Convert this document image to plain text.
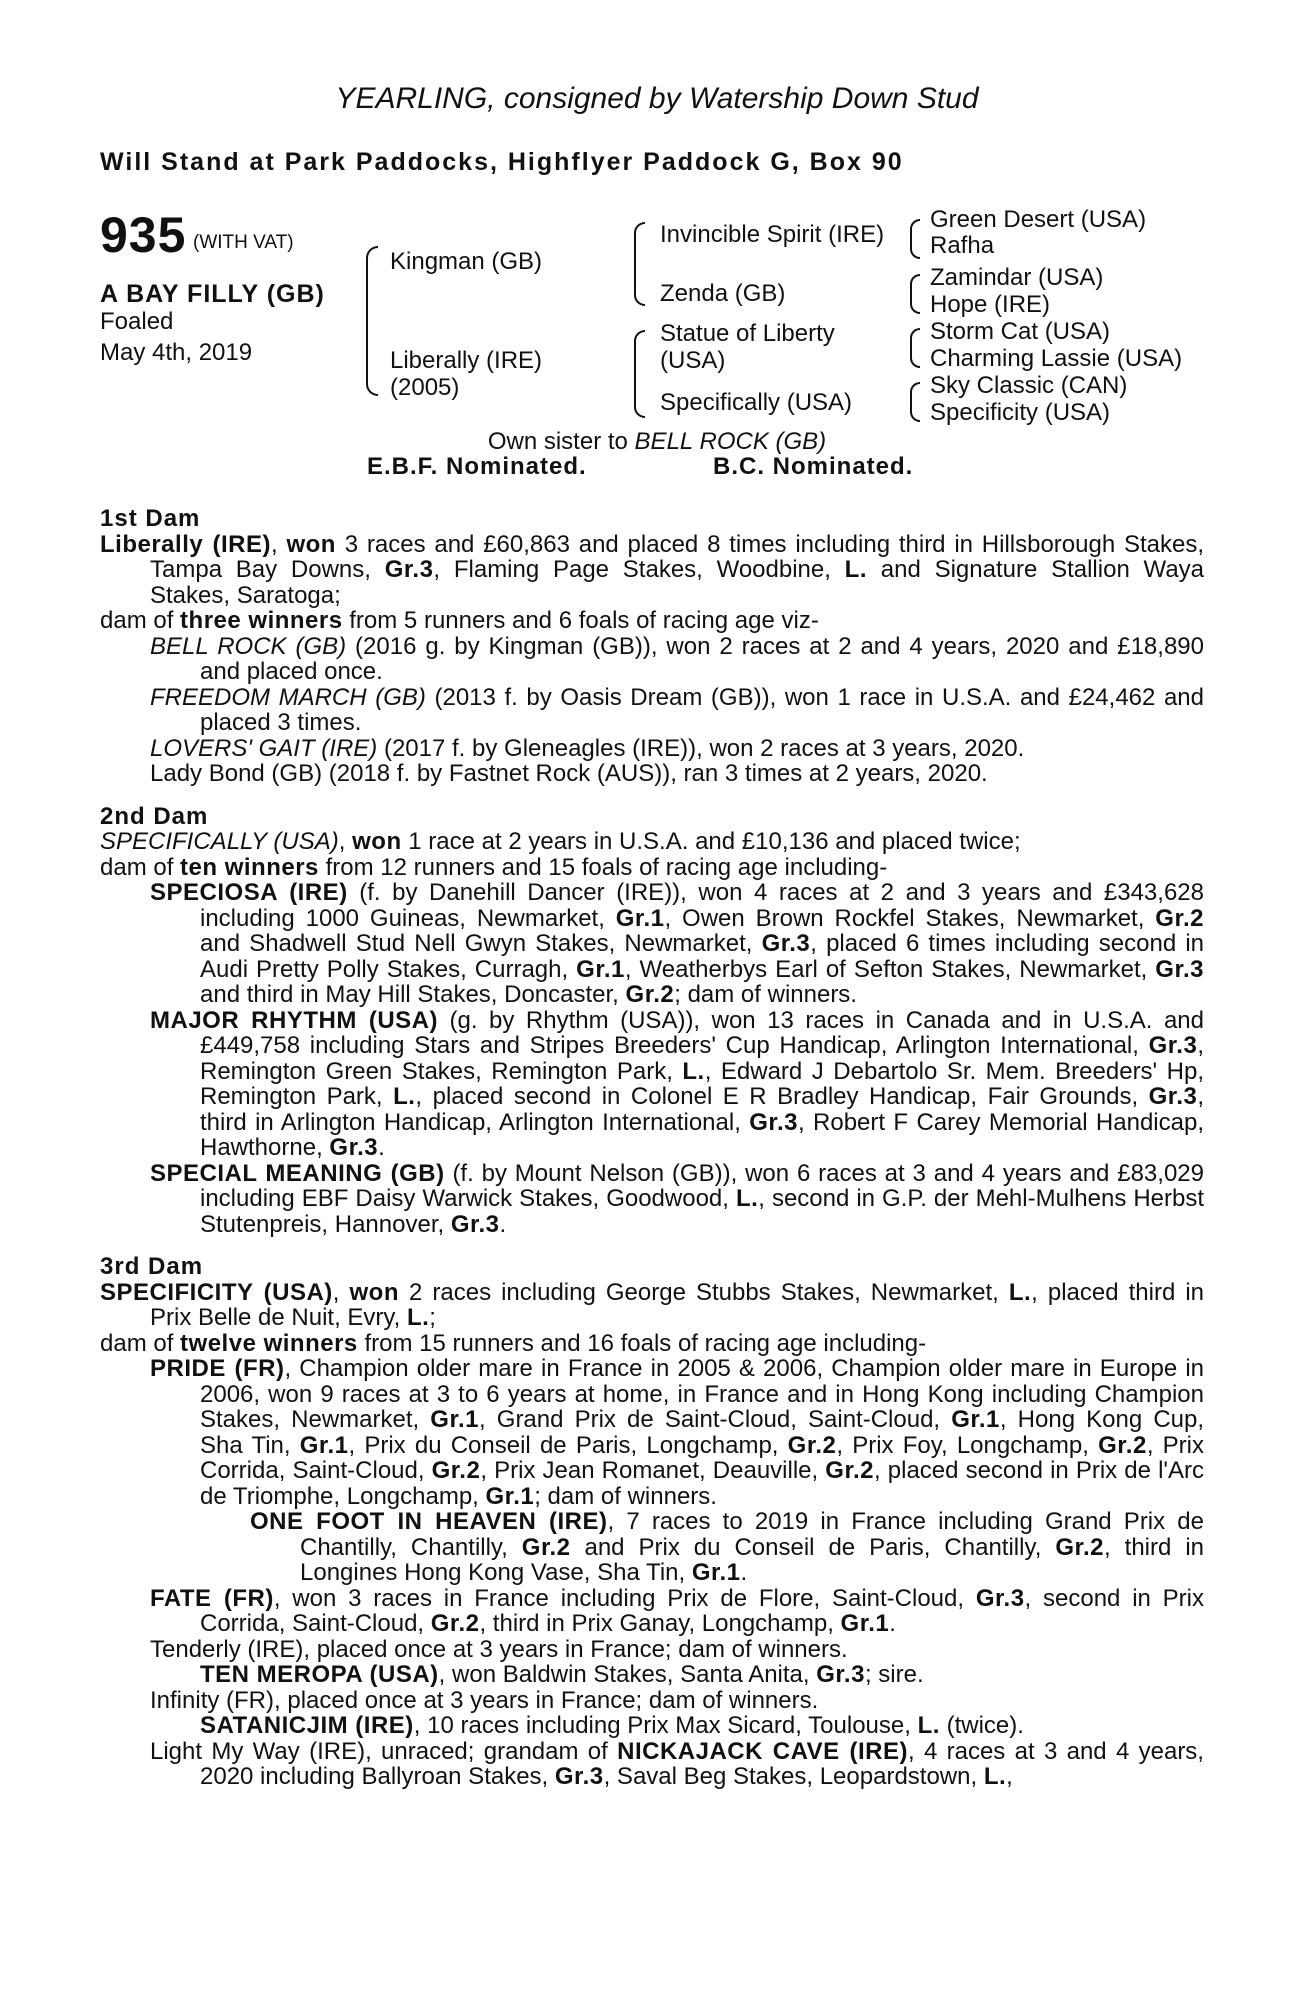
YEARLING, consigned by Watership Down Stud
Will Stand at Park Paddocks, Highflyer Paddock G, Box 90
935 (WITH VAT)
A BAY FILLY (GB)
Foaled
May 4th, 2019
Kingman (GB)
Liberally (IRE)
(2005)
Invincible Spirit (IRE)
Zenda (GB)
Statue of Liberty
(USA)
Specifically (USA)
Green Desert (USA)
Rafha
Zamindar (USA)
Hope (IRE)
Storm Cat (USA)
Charming Lassie (USA)
Sky Classic (CAN)
Specificity (USA)
Own sister to BELL ROCK (GB)
E.B.F. Nominated.	B.C. Nominated.
1st Dam
Liberally (IRE), won 3 races and £60,863 and placed 8 times including third in Hillsborough Stakes, Tampa Bay Downs, Gr.3, Flaming Page Stakes, Woodbine, L. and Signature Stallion Waya Stakes, Saratoga;
dam of three winners from 5 runners and 6 foals of racing age viz-
BELL ROCK (GB) (2016 g. by Kingman (GB)), won 2 races at 2 and 4 years, 2020 and £18,890 and placed once.
FREEDOM MARCH (GB) (2013 f. by Oasis Dream (GB)), won 1 race in U.S.A. and £24,462 and placed 3 times.
LOVERS' GAIT (IRE) (2017 f. by Gleneagles (IRE)), won 2 races at 3 years, 2020.
Lady Bond (GB) (2018 f. by Fastnet Rock (AUS)), ran 3 times at 2 years, 2020.
2nd Dam
SPECIFICALLY (USA), won 1 race at 2 years in U.S.A. and £10,136 and placed twice;
dam of ten winners from 12 runners and 15 foals of racing age including-
SPECIOSA (IRE) (f. by Danehill Dancer (IRE)), won 4 races at 2 and 3 years and £343,628 including 1000 Guineas, Newmarket, Gr.1, Owen Brown Rockfel Stakes, Newmarket, Gr.2 and Shadwell Stud Nell Gwyn Stakes, Newmarket, Gr.3, placed 6 times including second in Audi Pretty Polly Stakes, Curragh, Gr.1, Weatherbys Earl of Sefton Stakes, Newmarket, Gr.3 and third in May Hill Stakes, Doncaster, Gr.2; dam of winners.
MAJOR RHYTHM (USA) (g. by Rhythm (USA)), won 13 races in Canada and in U.S.A. and £449,758 including Stars and Stripes Breeders' Cup Handicap, Arlington International, Gr.3, Remington Green Stakes, Remington Park, L., Edward J Debartolo Sr. Mem. Breeders' Hp, Remington Park, L., placed second in Colonel E R Bradley Handicap, Fair Grounds, Gr.3, third in Arlington Handicap, Arlington International, Gr.3, Robert F Carey Memorial Handicap, Hawthorne, Gr.3.
SPECIAL MEANING (GB) (f. by Mount Nelson (GB)), won 6 races at 3 and 4 years and £83,029 including EBF Daisy Warwick Stakes, Goodwood, L., second in G.P. der Mehl-Mulhens Herbst Stutenpreis, Hannover, Gr.3.
3rd Dam
SPECIFICITY (USA), won 2 races including George Stubbs Stakes, Newmarket, L., placed third in Prix Belle de Nuit, Evry, L.;
dam of twelve winners from 15 runners and 16 foals of racing age including-
PRIDE (FR), Champion older mare in France in 2005 & 2006, Champion older mare in Europe in 2006, won 9 races at 3 to 6 years at home, in France and in Hong Kong including Champion Stakes, Newmarket, Gr.1, Grand Prix de Saint-Cloud, Saint-Cloud, Gr.1, Hong Kong Cup, Sha Tin, Gr.1, Prix du Conseil de Paris, Longchamp, Gr.2, Prix Foy, Longchamp, Gr.2, Prix Corrida, Saint-Cloud, Gr.2, Prix Jean Romanet, Deauville, Gr.2, placed second in Prix de l'Arc de Triomphe, Longchamp, Gr.1; dam of winners.
ONE FOOT IN HEAVEN (IRE), 7 races to 2019 in France including Grand Prix de Chantilly, Chantilly, Gr.2 and Prix du Conseil de Paris, Chantilly, Gr.2, third in Longines Hong Kong Vase, Sha Tin, Gr.1.
FATE (FR), won 3 races in France including Prix de Flore, Saint-Cloud, Gr.3, second in Prix Corrida, Saint-Cloud, Gr.2, third in Prix Ganay, Longchamp, Gr.1.
Tenderly (IRE), placed once at 3 years in France; dam of winners.
TEN MEROPA (USA), won Baldwin Stakes, Santa Anita, Gr.3; sire.
Infinity (FR), placed once at 3 years in France; dam of winners.
SATANICJIM (IRE), 10 races including Prix Max Sicard, Toulouse, L. (twice).
Light My Way (IRE), unraced; grandam of NICKAJACK CAVE (IRE), 4 races at 3 and 4 years, 2020 including Ballyroan Stakes, Gr.3, Saval Beg Stakes, Leopardstown, L.,
